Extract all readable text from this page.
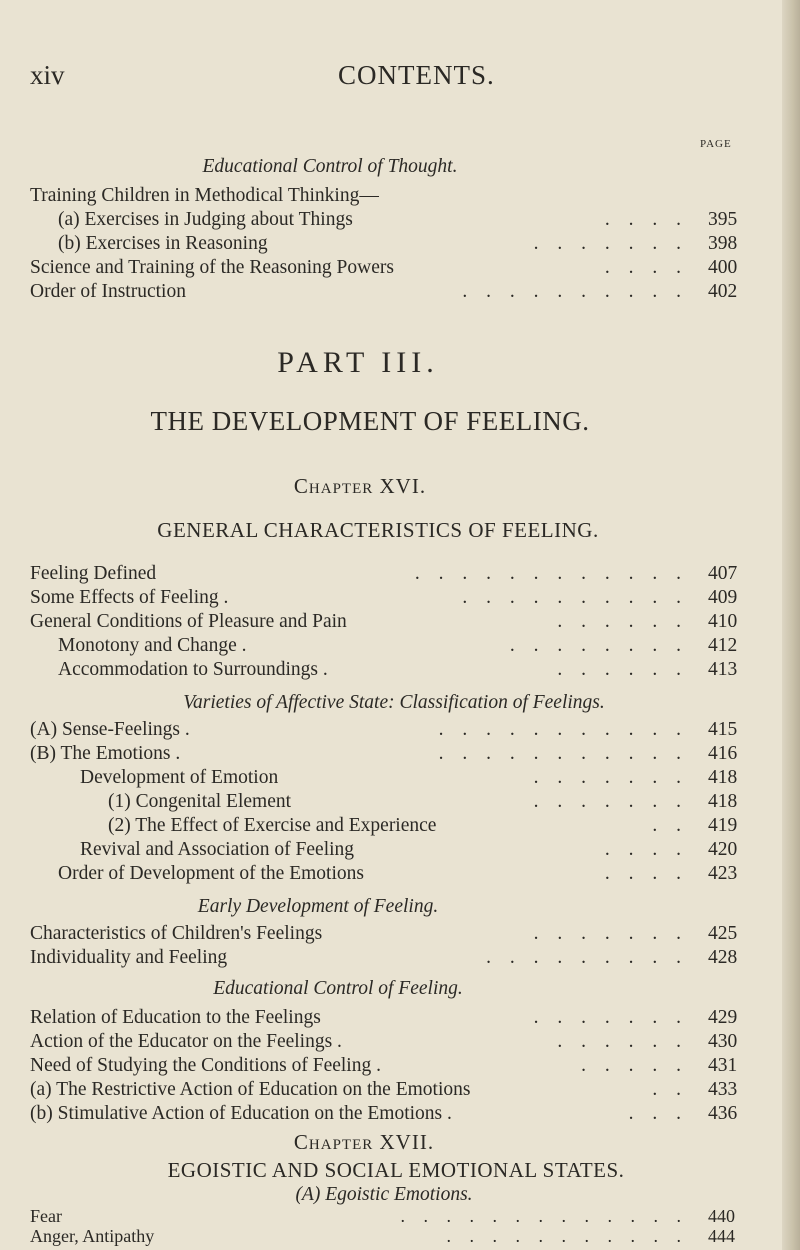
xiv	CONTENTS.
PAGE
Educational Control of Thought.
Training Children in Methodical Thinking—
(a) Exercises in Judging about Things	. . . . 395
(b) Exercises in Reasoning	. . . . . . . 398
Science and Training of the Reasoning Powers	. . . . 400
Order of Instruction	. . . . . . . . . . 402
PART III.
THE DEVELOPMENT OF FEELING.
Chapter XVI.
GENERAL CHARACTERISTICS OF FEELING.
Feeling Defined	. . . . . . . . . . . . 407
Some Effects of Feeling .	. . . . . . . . . . 409
General Conditions of Pleasure and Pain	. . . . . . 410
Monotony and Change .	. . . . . . . . 412
Accommodation to Surroundings .	. . . . . . 413
Varieties of Affective State: Classification of Feelings.
(A) Sense-Feelings .	. . . . . . . . . . . 415
(B) The Emotions .	. . . . . . . . . . . 416
Development of Emotion	. . . . . . . 418
(1) Congenital Element	. . . . . . . 418
(2) The Effect of Exercise and Experience	. . 419
Revival and Association of Feeling	. . . . 420
Order of Development of the Emotions	. . . . 423
Early Development of Feeling.
Characteristics of Children's Feelings	. . . . . . . 425
Individuality and Feeling	. . . . . . . . . 428
Educational Control of Feeling.
Relation of Education to the Feelings	. . . . . . . 429
Action of the Educator on the Feelings .	. . . . . . 430
Need of Studying the Conditions of Feeling .	. . . . . 431
(a) The Restrictive Action of Education on the Emotions	. . 433
(b) Stimulative Action of Education on the Emotions .	. . . 436
Chapter XVII.
EGOISTIC AND SOCIAL EMOTIONAL STATES.
(A) Egoistic Emotions.
Fear	. . . . . . . . . . . . . 440
Anger, Antipathy	. . . . . . . . . . . 444
